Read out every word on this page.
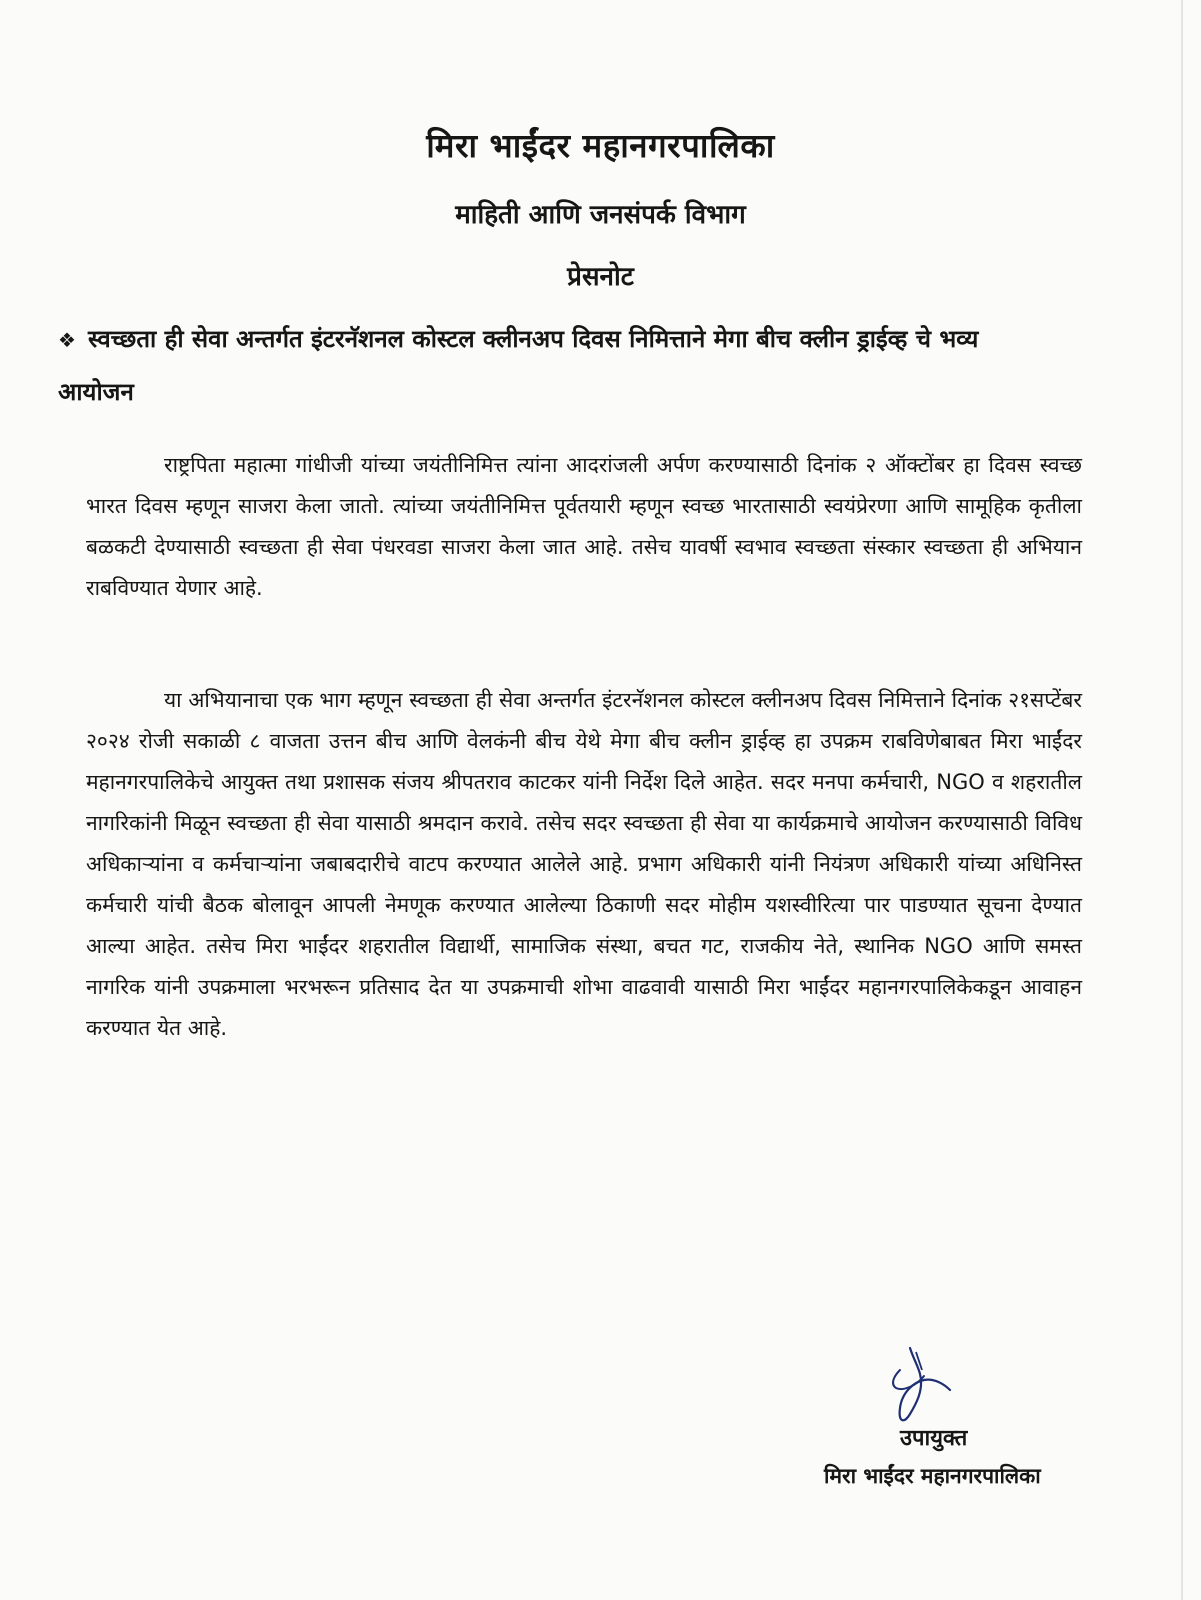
मिरा भाईंदर महानगरपालिका
माहिती आणि जनसंपर्क विभाग
प्रेसनोट
❖ स्वच्छता ही सेवा अन्तर्गत इंटरनॅशनल कोस्टल क्लीनअप दिवस निमित्ताने मेगा बीच क्लीन ड्राईव्ह चे भव्य आयोजन

राष्ट्रपिता महात्मा गांधीजी यांच्या जयंतीनिमित्त त्यांना आदरांजली अर्पण करण्यासाठी दिनांक २ ऑक्टोंबर हा दिवस स्वच्छ भारत दिवस म्हणून साजरा केला जातो. त्यांच्या जयंतीनिमित्त पूर्वतयारी म्हणून स्वच्छ भारतासाठी स्वयंप्रेरणा आणि सामूहिक कृतीला बळकटी देण्यासाठी स्वच्छता ही सेवा पंधरवडा साजरा केला जात आहे. तसेच यावर्षी स्वभाव स्वच्छता संस्कार स्वच्छता ही अभियान राबविण्यात येणार आहे.

या अभियानाचा एक भाग म्हणून स्वच्छता ही सेवा अन्तर्गत इंटरनॅशनल कोस्टल क्लीनअप दिवस निमित्ताने दिनांक २१सप्टेंबर २०२४ रोजी सकाळी ८ वाजता उत्तन बीच आणि वेलकंनी बीच येथे मेगा बीच क्लीन ड्राईव्ह हा उपक्रम राबविणेबाबत मिरा भाईंदर महानगरपालिकेचे आयुक्त तथा प्रशासक संजय श्रीपतराव काटकर यांनी निर्देश दिले आहेत. सदर मनपा कर्मचारी, NGO व शहरातील नागरिकांनी मिळून स्वच्छता ही सेवा यासाठी श्रमदान करावे. तसेच सदर स्वच्छता ही सेवा या कार्यक्रमाचे आयोजन करण्यासाठी विविध अधिकाऱ्यांना व कर्मचाऱ्यांना जबाबदारीचे वाटप करण्यात आलेले आहे. प्रभाग अधिकारी यांनी नियंत्रण अधिकारी यांच्या अधिनिस्त कर्मचारी यांची बैठक बोलावून आपली नेमणूक करण्यात आलेल्या ठिकाणी सदर मोहीम यशस्वीरित्या पार पाडण्यात सूचना देण्यात आल्या आहेत. तसेच मिरा भाईंदर शहरातील विद्यार्थी, सामाजिक संस्था, बचत गट, राजकीय नेते, स्थानिक NGO आणि समस्त नागरिक यांनी उपक्रमाला भरभरून प्रतिसाद देत या उपक्रमाची शोभा वाढवावी यासाठी मिरा भाईंदर महानगरपालिकेकडून आवाहन करण्यात येत आहे.

उपायुक्त
मिरा भाईंदर महानगरपालिका
